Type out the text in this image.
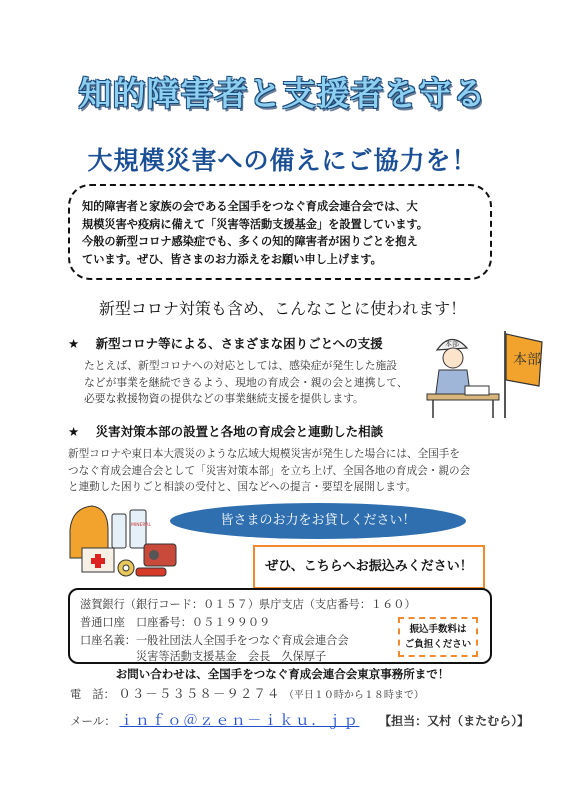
知的障害者と支援者を守る
大規模災害への備えにご協力を！
知的障害者と家族の会である全国手をつなぐ育成会連合会では、大
規模災害や疫病に備えて「災害等活動支援基金」を設置しています。
今般の新型コロナ感染症でも、多くの知的障害者が困りごとを抱え
ています。ぜひ、皆さまのお力添えをお願い申し上げます。
新型コロナ対策も含め、こんなことに使われます！
★ 新型コロナ等による、さまざまな困りごとへの支援
たとえば、新型コロナへの対応としては、感染症が発生した施設
などが事業を継続できるよう、現地の育成会・親の会と連携して、
必要な救援物資の提供などの事業継続支援を提供します。
本部
本部
★ 災害対策本部の設置と各地の育成会と連動した相談
新型コロナや東日本大震災のような広域大規模災害が発生した場合には、全国手を
つなぐ育成会連合会として「災害対策本部」を立ち上げ、全国各地の育成会・親の会
と連動した困りごと相談の受付と、国などへの提言・要望を展開します。
MINERAL	皆さまのお力をお貸しください！
ぜひ、こちらへお振込みください！
滋賀銀行（銀行コード：０１５７）県庁支店（支店番号：１６０）
普通口座　口座番号：０５１９９０９
口座名義：一般社団法人全国手をつなぐ育成会連合会
災害等活動支援基金　会長　久保厚子
振込手数料は
ご負担ください
お問い合わせは、全国手をつなぐ育成会連合会東京事務所まで！
電　話： ０３－５３５８－９２７４ （平日１０時から１８時まで）
メール： ｉｎｆｏ＠ｚｅｎ－ｉｋｕ．ｊｐ 【担当：又村（またむら）】
